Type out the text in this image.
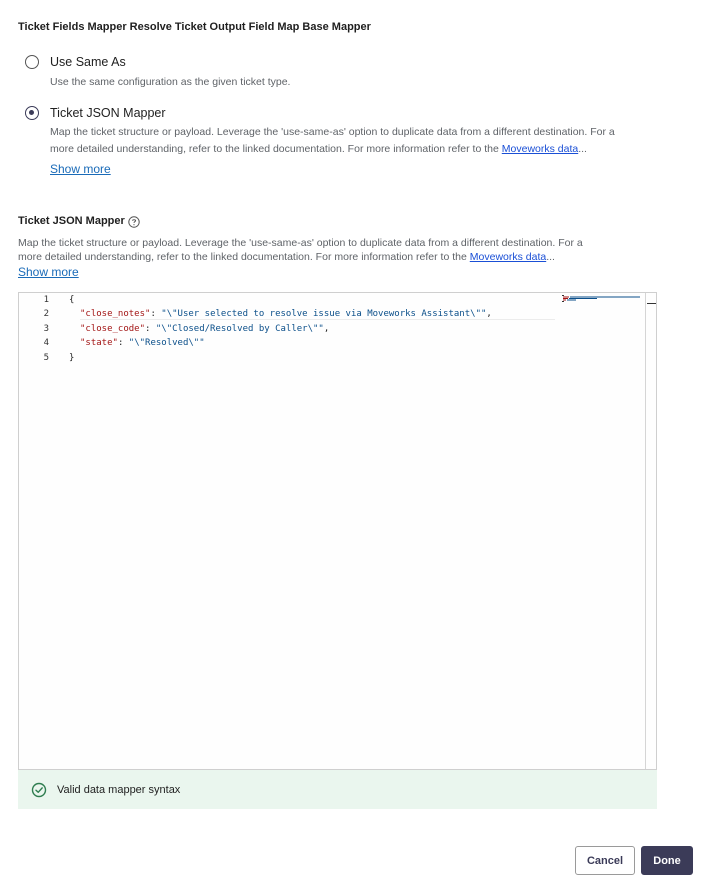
Ticket Fields Mapper Resolve Ticket Output Field Map Base Mapper
Use Same As
Use the same configuration as the given ticket type.
Ticket JSON Mapper
Map the ticket structure or payload. Leverage the 'use-same-as' option to duplicate data from a different destination. For a
more detailed understanding, refer to the linked documentation. For more information refer to the Moveworks data...
Show more
Ticket JSON Mapper
Map the ticket structure or payload. Leverage the 'use-same-as' option to duplicate data from a different destination. For a
more detailed understanding, refer to the linked documentation. For more information refer to the Moveworks data...
Show more
1
2
3
4
5
{
"close_notes": "\"User selected to resolve issue via Moveworks Assistant\"",
"close_code": "\"Closed/Resolved by Caller\"",
"state": "\"Resolved\""
}
Valid data mapper syntax
Cancel	Done
